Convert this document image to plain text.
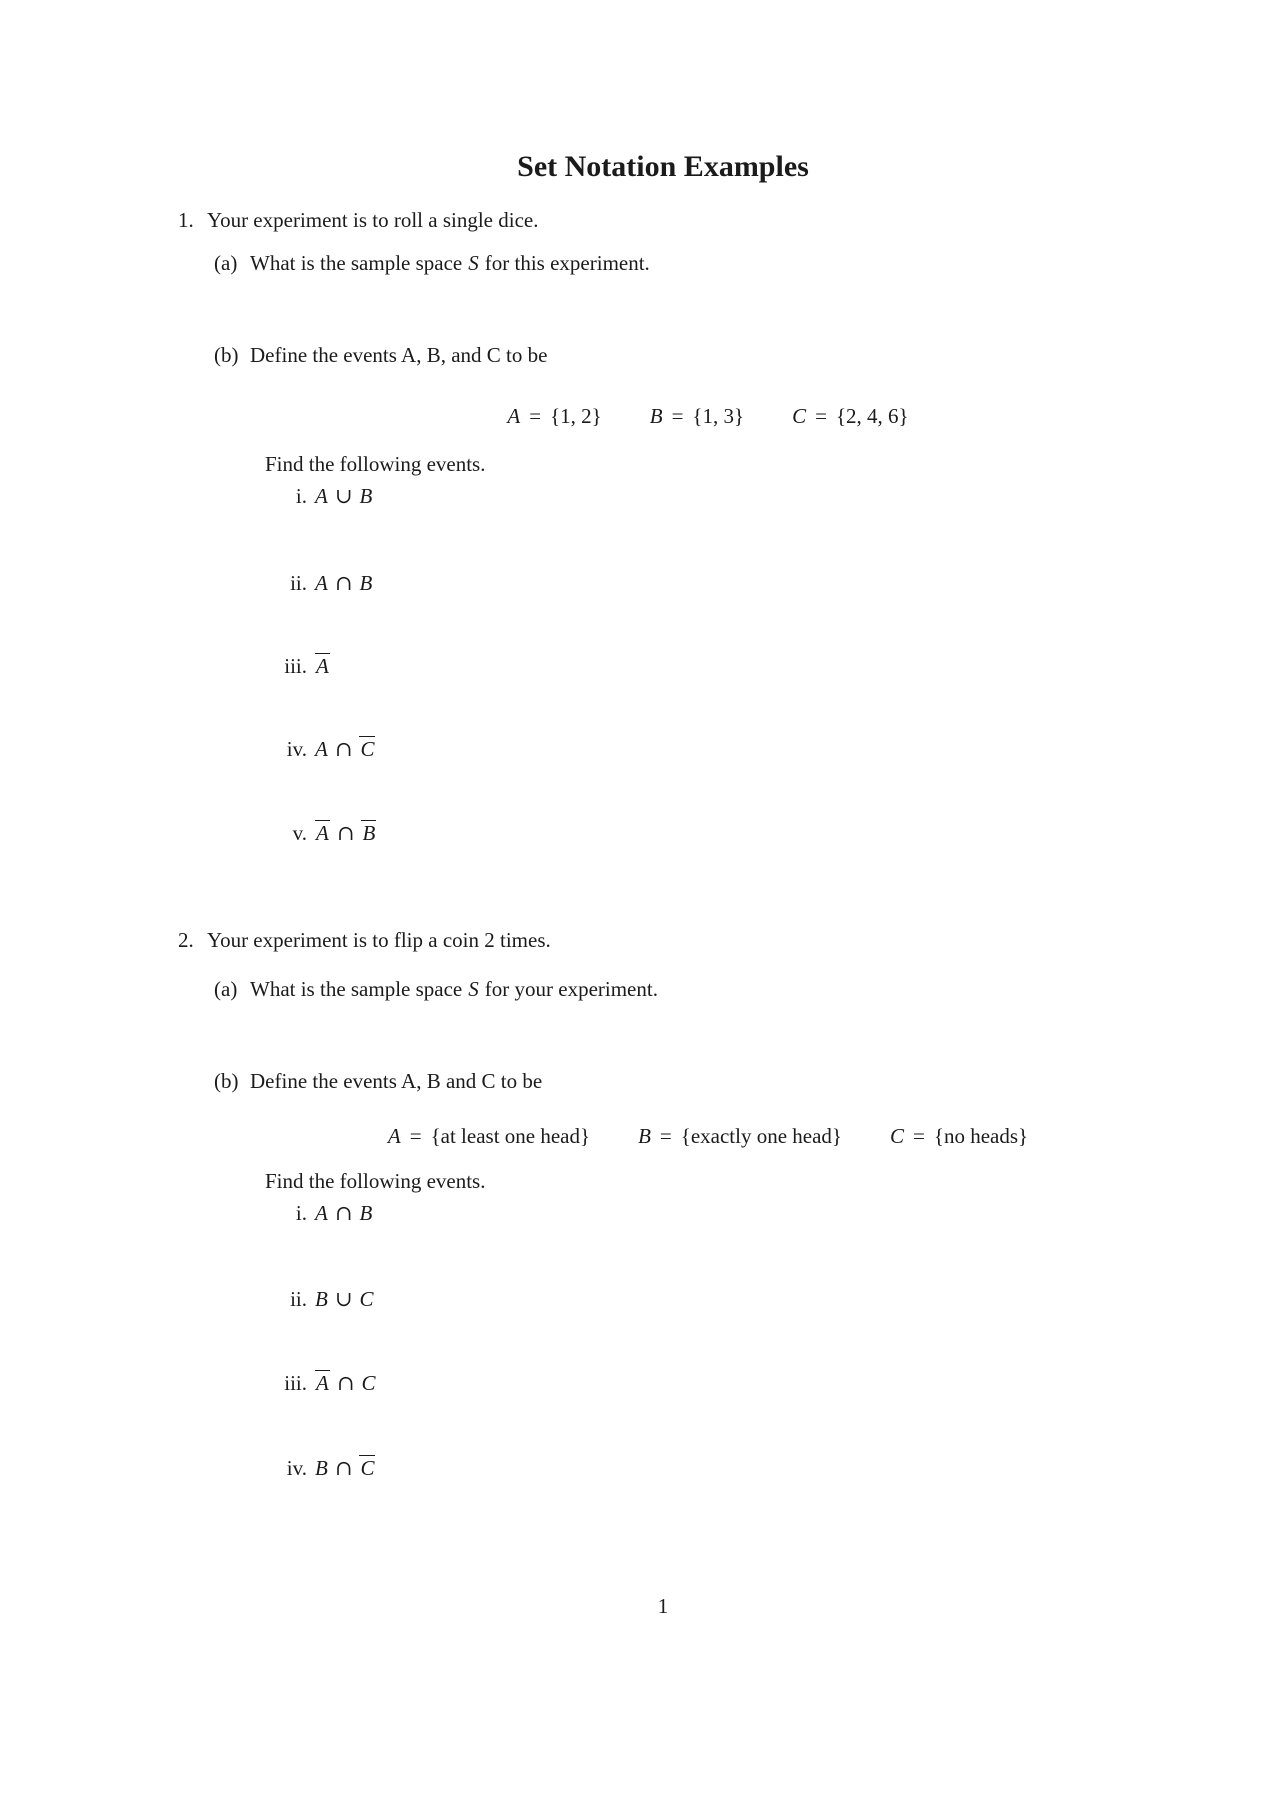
Set Notation Examples
1. Your experiment is to roll a single dice.
(a) What is the sample space S for this experiment.
(b) Define the events A, B, and C to be
A = {1, 2} B = {1, 3} C = {2, 4, 6}
Find the following events.
i. A ∪ B
ii. A ∩ B
iii. A
iv. A ∩ C
v. A ∩ B
2. Your experiment is to flip a coin 2 times.
(a) What is the sample space S for your experiment.
(b) Define the events A, B and C to be
A = {at least one head} B = {exactly one head} C = {no heads}
Find the following events.
i. A ∩ B
ii. B ∪ C
iii. A ∩ C
iv. B ∩ C
1
